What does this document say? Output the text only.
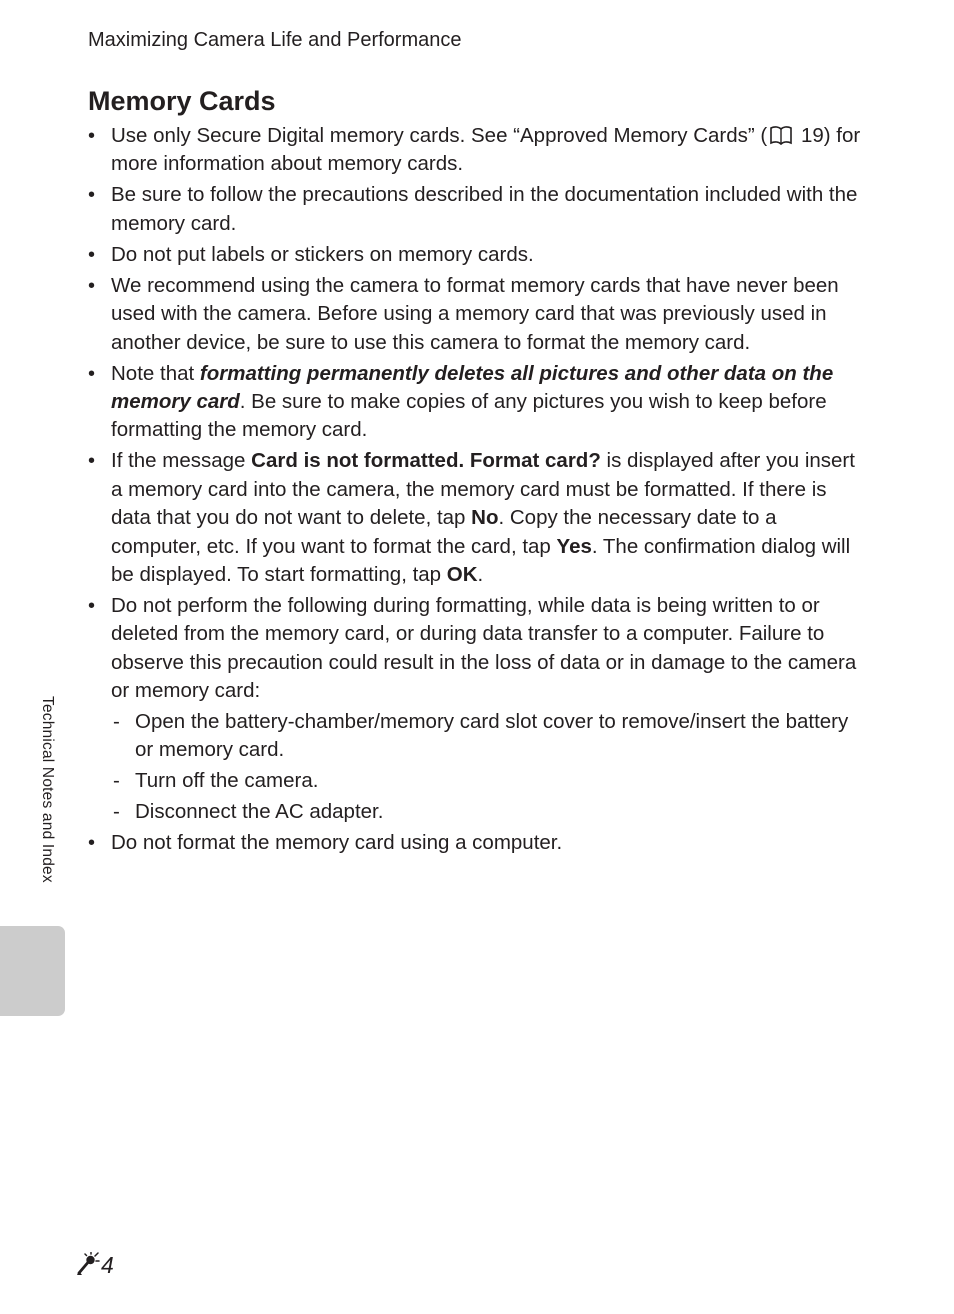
Maximizing Camera Life and Performance
Memory Cards
• Use only Secure Digital memory cards. See “Approved Memory Cards” ( 19) for more information about memory cards.
• Be sure to follow the precautions described in the documentation included with the memory card.
• Do not put labels or stickers on memory cards.
• We recommend using the camera to format memory cards that have never been used with the camera. Before using a memory card that was previously used in another device, be sure to use this camera to format the memory card.
• Note that formatting permanently deletes all pictures and other data on the memory card. Be sure to make copies of any pictures you wish to keep before formatting the memory card.
• If the message Card is not formatted. Format card? is displayed after you insert a memory card into the camera, the memory card must be formatted. If there is data that you do not want to delete, tap No. Copy the necessary date to a computer, etc. If you want to format the card, tap Yes. The confirmation dialog will be displayed. To start formatting, tap OK.
• Do not perform the following during formatting, while data is being written to or deleted from the memory card, or during data transfer to a computer. Failure to observe this precaution could result in the loss of data or in damage to the camera or memory card:
- Open the battery-chamber/memory card slot cover to remove/insert the battery or memory card.
- Turn off the camera.
- Disconnect the AC adapter.
• Do not format the memory card using a computer.
Technical Notes and Index
4
